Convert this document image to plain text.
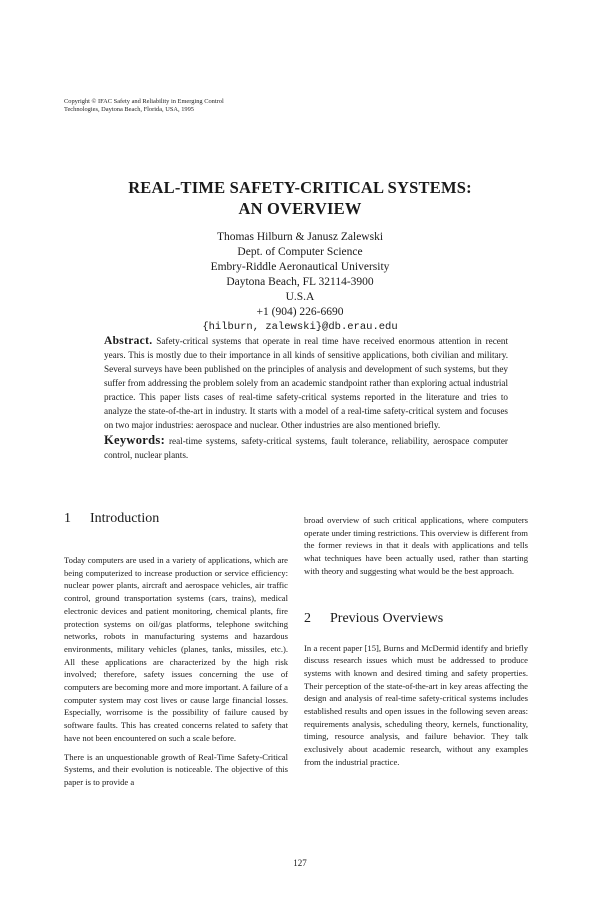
Copyright © IFAC Safety and Reliability in Emerging Control
Technologies, Daytona Beach, Florida, USA, 1995
REAL-TIME SAFETY-CRITICAL SYSTEMS:
AN OVERVIEW
Thomas Hilburn & Janusz Zalewski
Dept. of Computer Science
Embry-Riddle Aeronautical University
Daytona Beach, FL 32114-3900
U.S.A
+1 (904) 226-6690
{hilburn, zalewski}@db.erau.edu
Abstract. Safety-critical systems that operate in real time have received enormous attention in recent years. This is mostly due to their importance in all kinds of sensitive applications, both civilian and military. Several surveys have been published on the principles of analysis and development of such systems, but they suffer from addressing the problem solely from an academic standpoint rather than exploring actual industrial practice. This paper lists cases of real-time safety-critical systems reported in the literature and tries to analyze the state-of-the-art in industry. It starts with a model of a real-time safety-critical system and focuses on two major industries: aerospace and nuclear. Other industries are also mentioned briefly.
Keywords: real-time systems, safety-critical systems, fault tolerance, reliability, aerospace computer control, nuclear plants.
1 Introduction

Today computers are used in a variety of applications, which are being computerized to increase production or service efficiency: nuclear power plants, aircraft and aerospace vehicles, air traffic control, ground transportation systems (cars, trains), medical electronic devices and patient monitoring, chemical plants, fire protection systems on oil/gas platforms, telephone switching networks, robots in manufacturing systems and hazardous environments, military vehicles (planes, tanks, missiles, etc.). All these applications are characterized by the high risk involved; therefore, safety issues concerning the use of computers are becoming more and more important. A failure of a computer system may cost lives or cause large financial losses. Especially, worrisome is the possibility of failure caused by software faults. This has created concerns related to safety that have not been encountered on such a scale before.

There is an unquestionable growth of Real-Time Safety-Critical Systems, and their evolution is noticeable. The objective of this paper is to provide a

broad overview of such critical applications, where computers operate under timing restrictions. This overview is different from the former reviews in that it deals with applications and tells what techniques have been actually used, rather than starting with theory and suggesting what would be the best approach.

2 Previous Overviews

In a recent paper [15], Burns and McDermid identify and briefly discuss research issues which must be addressed to produce systems with known and desired timing and safety properties. Their perception of the state-of-the-art in key areas affecting the design and analysis of real-time safety-critical systems includes established results and open issues in the following seven areas: requirements analysis, scheduling theory, kernels, functionality, timing, resource analysis, and failure behavior. They talk exclusively about academic research, without any examples from the industrial practice.

127
